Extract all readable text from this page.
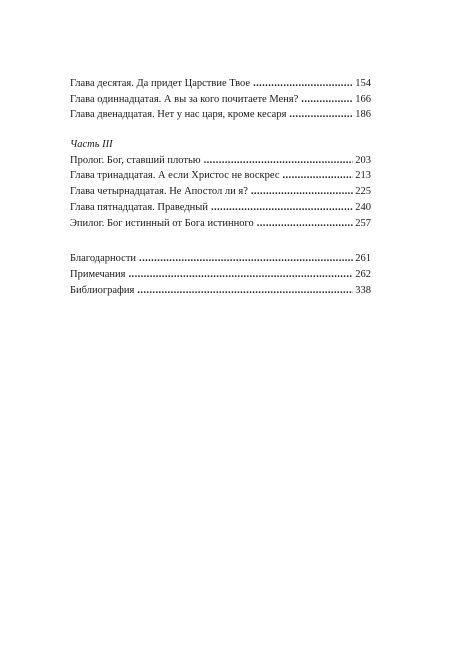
Глава десятая. Да придет Царствие Твое .....	154
Глава одиннадцатая. А вы за кого почитаете Меня? .....	166
Глава двенадцатая. Нет у нас царя, кроме кесаря .....	186
Часть III
Пролог. Бог, ставший плотью .....	203
Глава тринадцатая. А если Христос не воскрес .....	213
Глава четырнадцатая. Не Апостол ли я? .....	225
Глава пятнадцатая. Праведный .....	240
Эпилог. Бог истинный от Бога истинного .....	257
Благодарности .....	261
Примечания .....	262
Библиография .....	338
